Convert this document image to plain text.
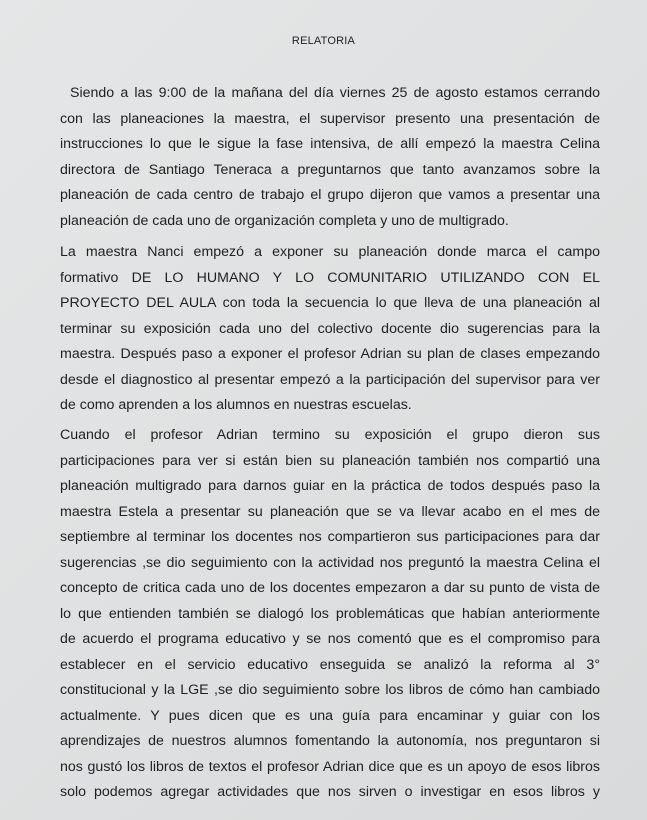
RELATORIA
Siendo a las 9:00 de la mañana del día viernes 25 de agosto estamos cerrando
con las planeaciones la maestra, el supervisor presento una presentación de
instrucciones lo que le sigue la fase intensiva, de allí empezó la maestra Celina
directora de Santiago Teneraca a preguntarnos que tanto avanzamos sobre la
planeación de cada centro de trabajo el grupo dijeron que vamos a presentar una
planeación de cada uno de organización completa y uno de multigrado.
La maestra Nanci empezó a exponer su planeación donde marca el campo
formativo DE LO HUMANO Y LO COMUNITARIO UTILIZANDO CON EL
PROYECTO DEL AULA con toda la secuencia lo que lleva de una planeación al
terminar su exposición cada uno del colectivo docente dio sugerencias para la
maestra. Después paso a exponer el profesor Adrian su plan de clases empezando
desde el diagnostico al presentar empezó a la participación del supervisor para ver
de como aprenden a los alumnos en nuestras escuelas.
Cuando el profesor Adrian termino su exposición el grupo dieron sus
participaciones para ver si están bien su planeación también nos compartió una
planeación multigrado para darnos guiar en la práctica de todos después paso la
maestra Estela a presentar su planeación que se va llevar acabo en el mes de
septiembre al terminar los docentes nos compartieron sus participaciones para dar
sugerencias ,se dio seguimiento con la actividad nos preguntó la maestra Celina el
concepto de critica cada uno de los docentes empezaron a dar su punto de vista de
lo que entienden también se dialogó los problemáticas que habían anteriormente
de acuerdo el programa educativo y se nos comentó que es el compromiso para
establecer en el servicio educativo enseguida se analizó la reforma al 3°
constitucional y la LGE ,se dio seguimiento sobre los libros de cómo han cambiado
actualmente. Y pues dicen que es una guía para encaminar y guiar con los
aprendizajes de nuestros alumnos fomentando la autonomía, nos preguntaron si
nos gustó los libros de textos el profesor Adrian dice que es un apoyo de esos libros
solo podemos agregar actividades que nos sirven o investigar en esos libros y
